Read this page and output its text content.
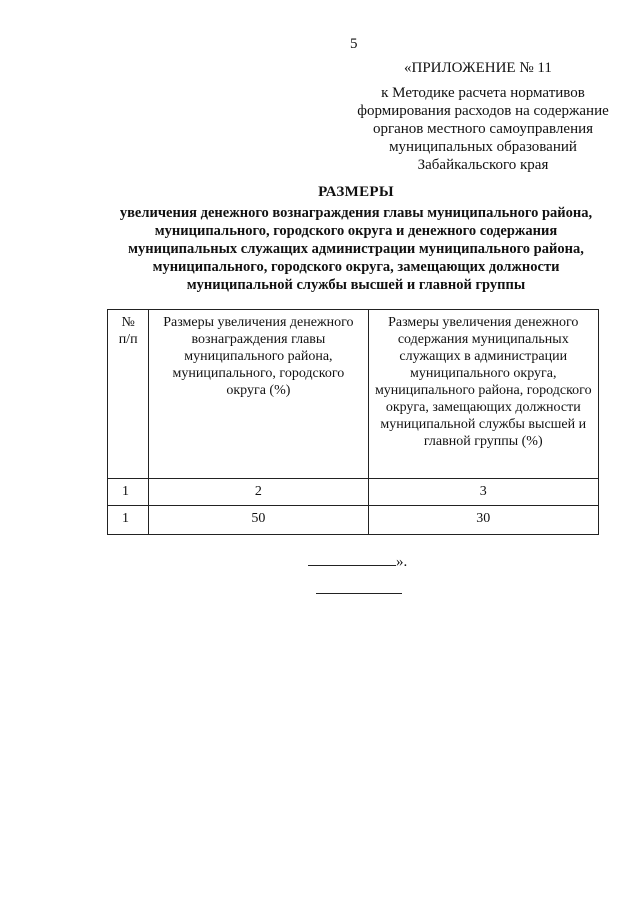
5
«ПРИЛОЖЕНИЕ № 11
к Методике расчета нормативов
формирования расходов на содержание
органов местного самоуправления
муниципальных образований
Забайкальского края
РАЗМЕРЫ
увеличения денежного вознаграждения главы муниципального района,
муниципального, городского округа и денежного содержания
муниципальных служащих администрации муниципального района,
муниципального, городского округа, замещающих должности
муниципальной службы высшей и главной группы
№
п/п	Размеры увеличения денежного вознаграждения главы муниципального района, муниципального, городского округа (%)	Размеры увеличения денежного содержания муниципальных служащих в администрации муниципального округа, муниципального района, городского округа, замещающих должности муниципальной службы высшей и главной группы (%)
1	2	3
1	50	30
».
